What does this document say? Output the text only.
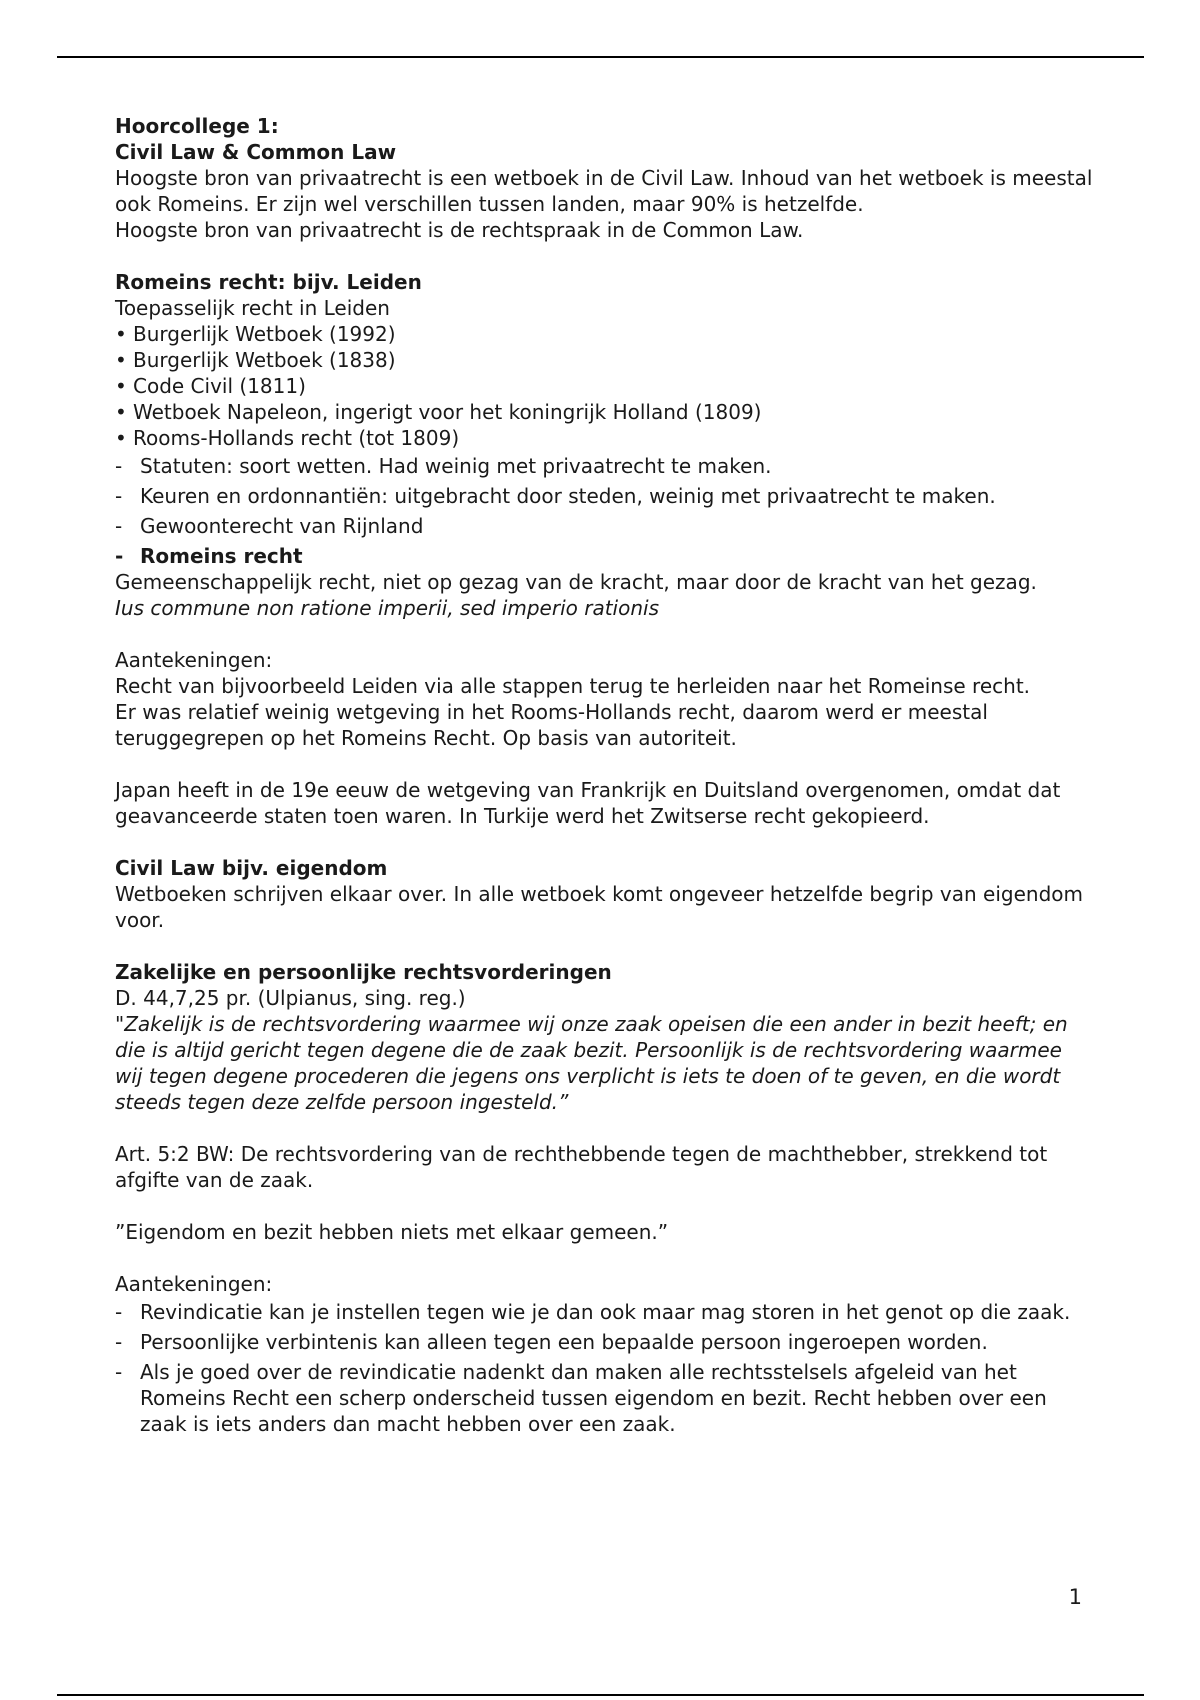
Hoorcollege 1:

Civil Law & Common Law

Hoogste bron van privaatrecht is een wetboek in de Civil Law. Inhoud van het wetboek is meestal ook Romeins. Er zijn wel verschillen tussen landen, maar 90% is hetzelfde.

Hoogste bron van privaatrecht is de rechtspraak in de Common Law.

Romeins recht: bijv. Leiden

Toepasselijk recht in Leiden

• Burgerlijk Wetboek (1992)
• Burgerlijk Wetboek (1838)
• Code Civil (1811)
• Wetboek Napeleon, ingerigt voor het koningrijk Holland (1809)
• Rooms-Hollands recht (tot 1809)
- Statuten: soort wetten. Had weinig met privaatrecht te maken.
- Keuren en ordonnantiën: uitgebracht door steden, weinig met privaatrecht te maken.
- Gewoonterecht van Rijnland
- Romeins recht

Gemeenschappelijk recht, niet op gezag van de kracht, maar door de kracht van het gezag.

Ius commune non ratione imperii, sed imperio rationis

Aantekeningen:

Recht van bijvoorbeeld Leiden via alle stappen terug te herleiden naar het Romeinse recht.

Er was relatief weinig wetgeving in het Rooms-Hollands recht, daarom werd er meestal teruggegrepen op het Romeins Recht. Op basis van autoriteit.

Japan heeft in de 19e eeuw de wetgeving van Frankrijk en Duitsland overgenomen, omdat dat geavanceerde staten toen waren. In Turkije werd het Zwitserse recht gekopieerd.

Civil Law bijv. eigendom

Wetboeken schrijven elkaar over. In alle wetboek komt ongeveer hetzelfde begrip van eigendom voor.

Zakelijke en persoonlijke rechtsvorderingen

D. 44,7,25 pr. (Ulpianus, sing. reg.)

"Zakelijk is de rechtsvordering waarmee wij onze zaak opeisen die een ander in bezit heeft; en die is altijd gericht tegen degene die de zaak bezit. Persoonlijk is de rechtsvordering waarmee wij tegen degene procederen die jegens ons verplicht is iets te doen of te geven, en die wordt steeds tegen deze zelfde persoon ingesteld.”

Art. 5:2 BW: De rechtsvordering van de rechthebbende tegen de machthebber, strekkend tot afgifte van de zaak.

”Eigendom en bezit hebben niets met elkaar gemeen.”

Aantekeningen:

- Revindicatie kan je instellen tegen wie je dan ook maar mag storen in het genot op die zaak.
- Persoonlijke verbintenis kan alleen tegen een bepaalde persoon ingeroepen worden.
- Als je goed over de revindicatie nadenkt dan maken alle rechtsstelsels afgeleid van het Romeins Recht een scherp onderscheid tussen eigendom en bezit. Recht hebben over een zaak is iets anders dan macht hebben over een zaak.
1
